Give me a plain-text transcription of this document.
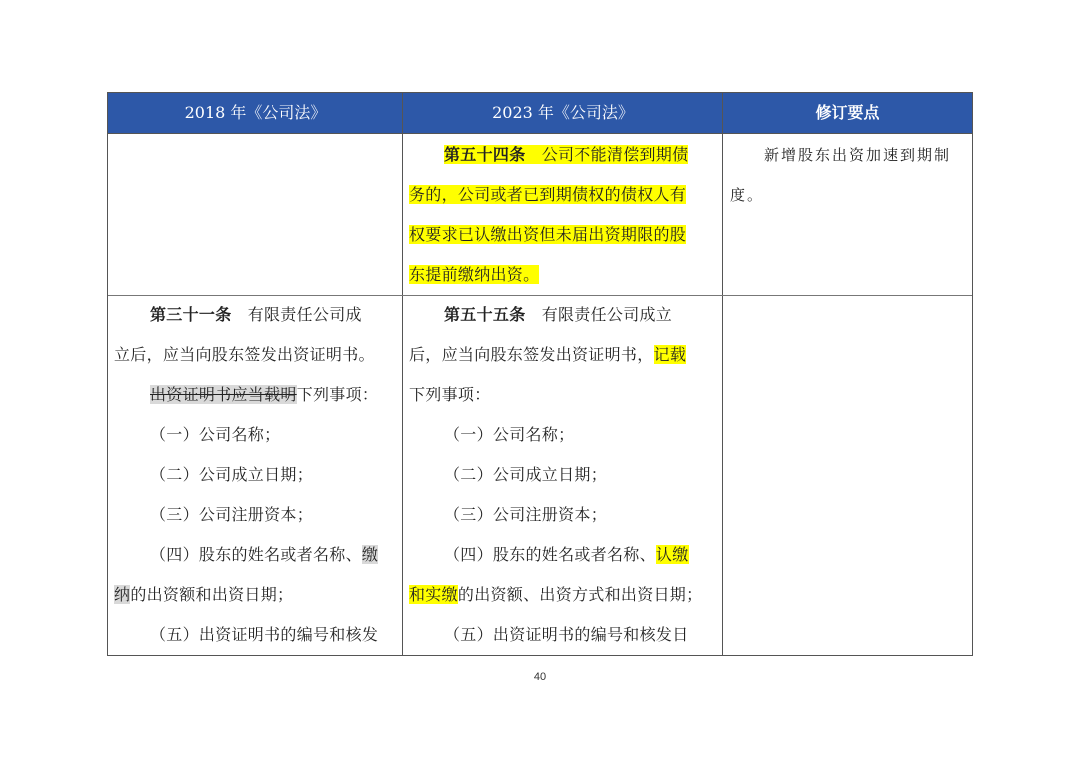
2018 年《公司法》	2023 年《公司法》	修订要点
第五十四条 公司不能清偿到期债
务的，公司或者已到期债权的债权人有
权要求已认缴出资但未届出资期限的股
东提前缴纳出资。
新增股东出资加速到期制
度。
第三十一条 有限责任公司成
立后，应当向股东签发出资证明书。
出资证明书应当载明下列事项：
（一）公司名称；
（二）公司成立日期；
（三）公司注册资本；
（四）股东的姓名或者名称、缴
纳的出资额和出资日期；
（五）出资证明书的编号和核发
第五十五条 有限责任公司成立
后，应当向股东签发出资证明书，记载
下列事项：
（一）公司名称；
（二）公司成立日期；
（三）公司注册资本；
（四）股东的姓名或者名称、认缴
和实缴的出资额、出资方式和出资日期；
（五）出资证明书的编号和核发日
40
